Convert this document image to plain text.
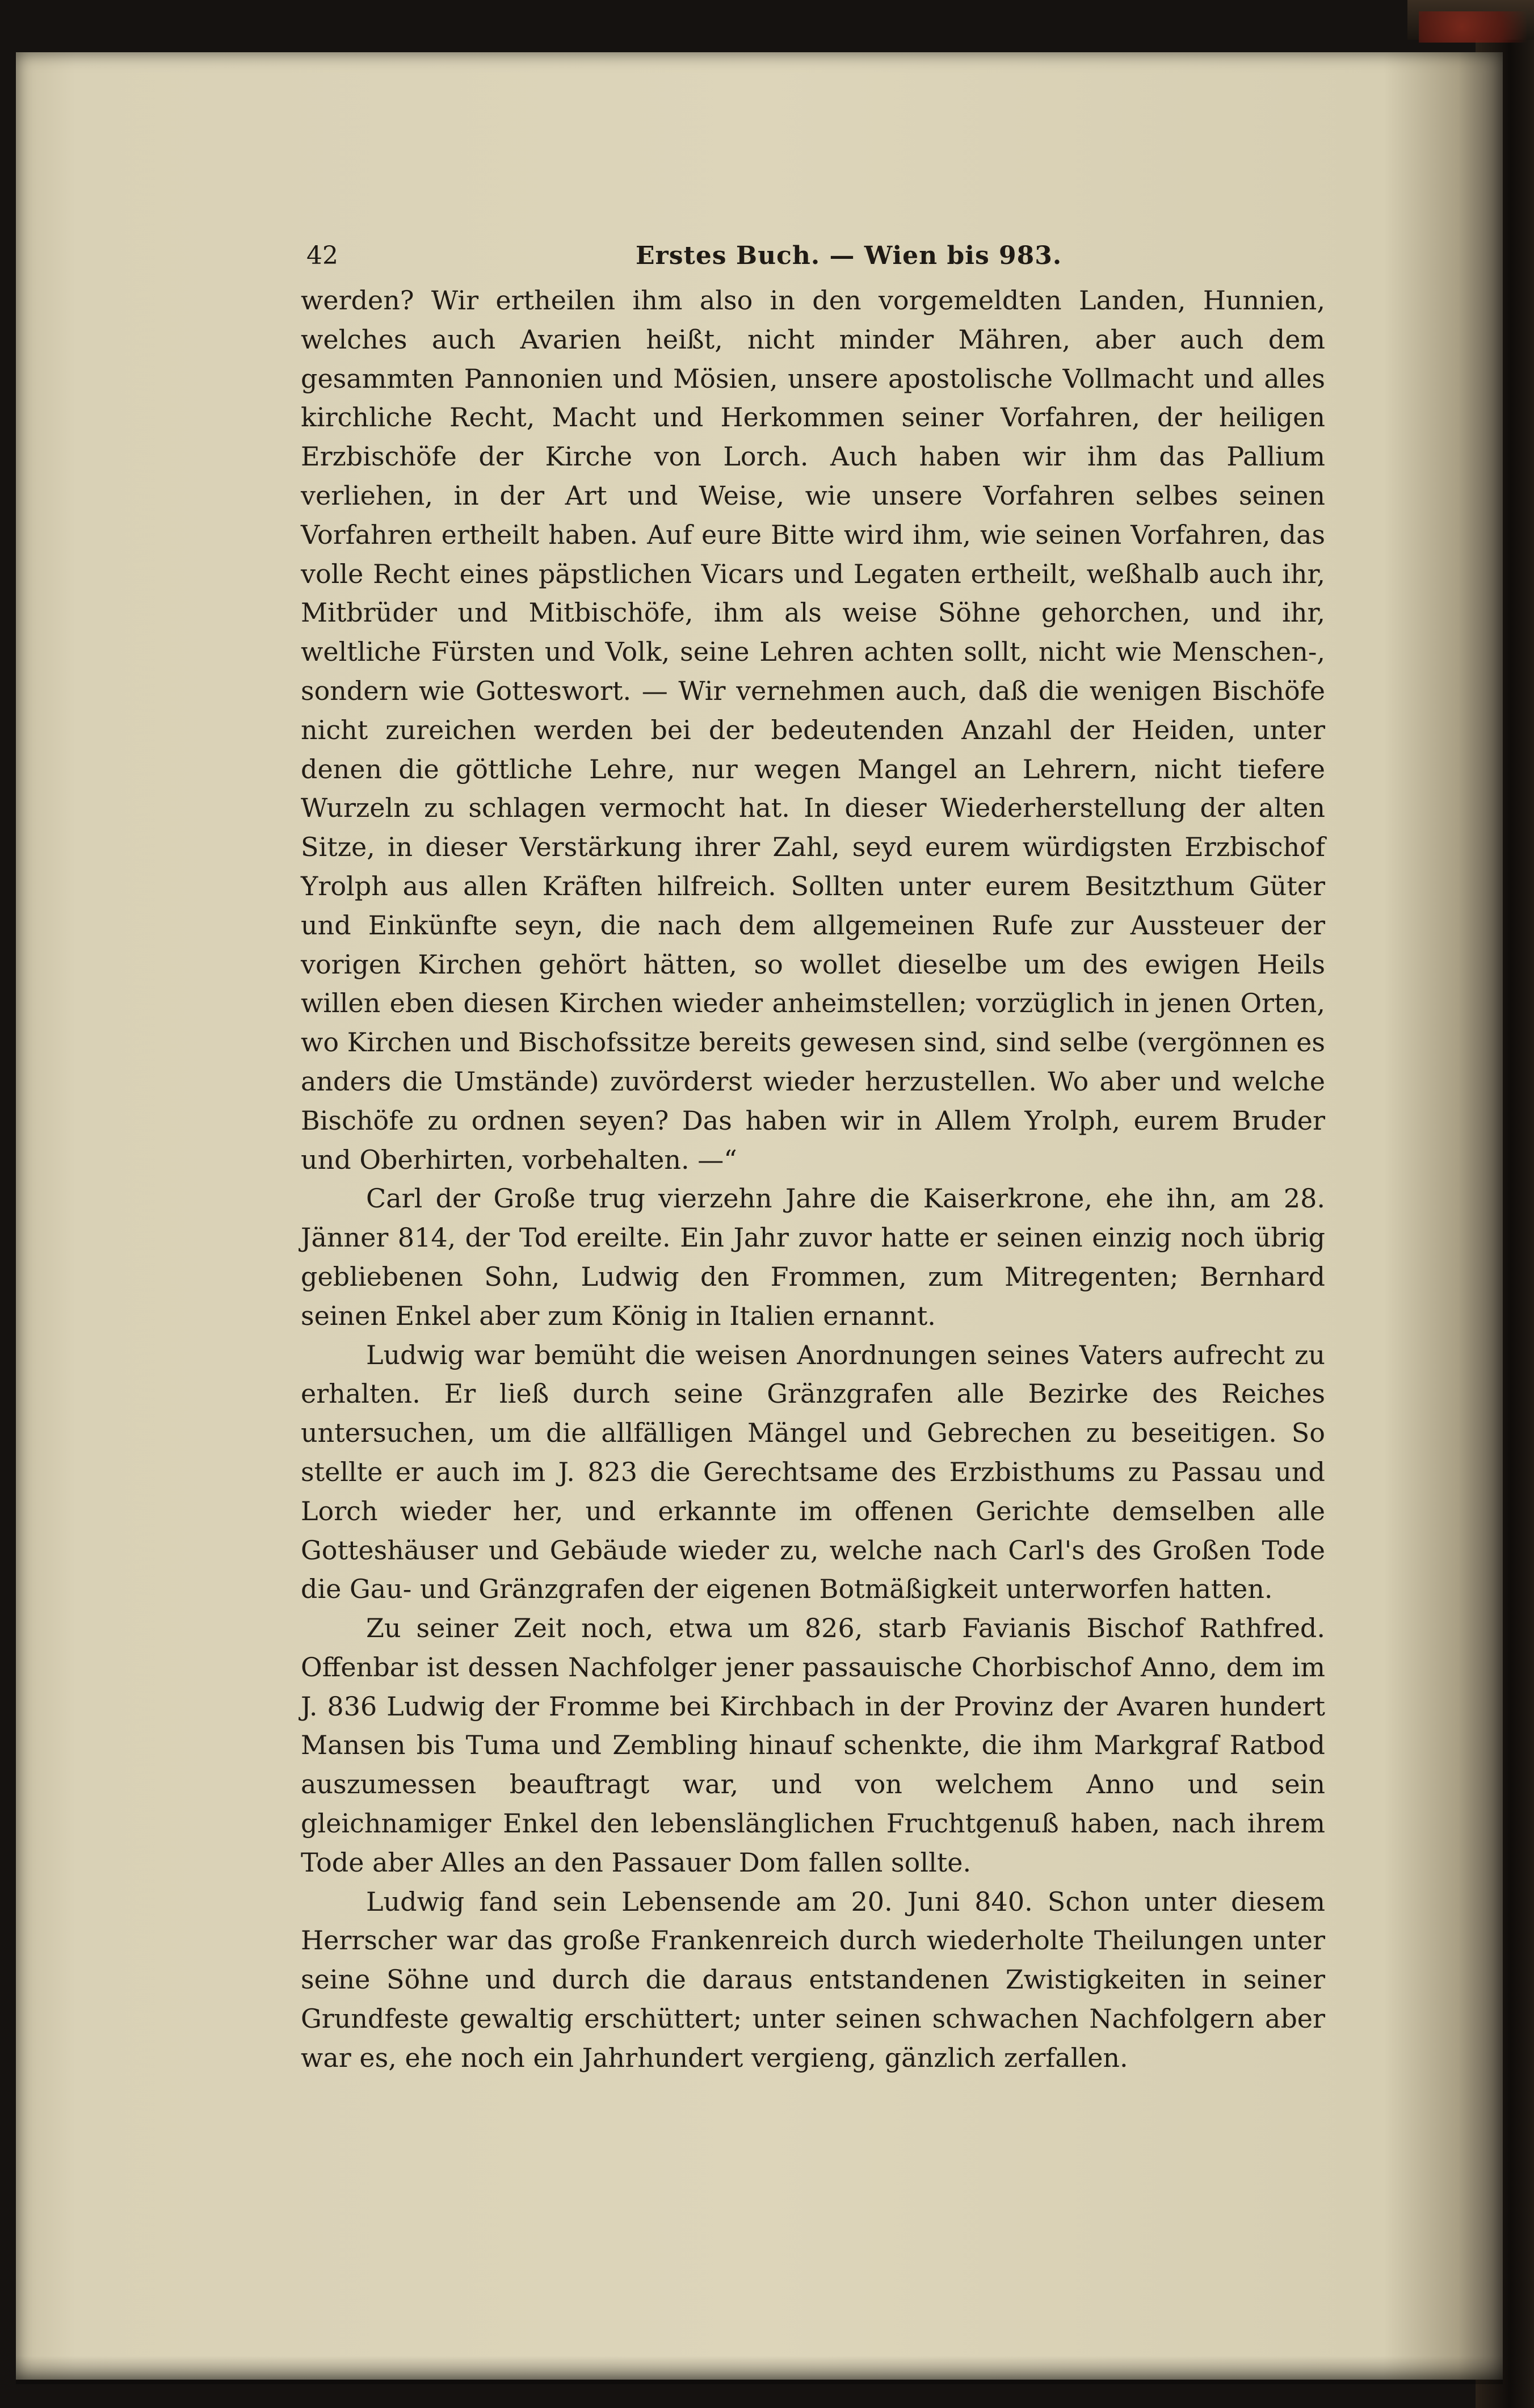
42	Erstes Buch. — Wien bis 983.

werden? Wir ertheilen ihm also in den vorgemeldten Landen, Hunnien, welches auch Avarien heißt, nicht minder Mähren, aber auch dem gesammten Pannonien und Mösien, unsere apostolische Vollmacht und alles kirchliche Recht, Macht und Herkommen seiner Vorfahren, der heiligen Erzbischöfe der Kirche von Lorch. Auch haben wir ihm das Pallium verliehen, in der Art und Weise, wie unsere Vorfahren selbes seinen Vorfahren ertheilt haben. Auf eure Bitte wird ihm, wie seinen Vorfahren, das volle Recht eines päpstlichen Vicars und Legaten ertheilt, weßhalb auch ihr, Mitbrüder und Mitbischöfe, ihm als weise Söhne gehorchen, und ihr, weltliche Fürsten und Volk, seine Lehren achten sollt, nicht wie Menschen-, sondern wie Gotteswort. — Wir vernehmen auch, daß die wenigen Bischöfe nicht zureichen werden bei der bedeutenden Anzahl der Heiden, unter denen die göttliche Lehre, nur wegen Mangel an Lehrern, nicht tiefere Wurzeln zu schlagen vermocht hat. In dieser Wiederherstellung der alten Sitze, in dieser Verstärkung ihrer Zahl, seyd eurem würdigsten Erzbischof Yrolph aus allen Kräften hilfreich. Sollten unter eurem Besitzthum Güter und Einkünfte seyn, die nach dem allgemeinen Rufe zur Aussteuer der vorigen Kirchen gehört hätten, so wollet dieselbe um des ewigen Heils willen eben diesen Kirchen wieder anheimstellen; vorzüglich in jenen Orten, wo Kirchen und Bischofssitze bereits gewesen sind, sind selbe (vergönnen es anders die Umstände) zuvörderst wieder herzustellen. Wo aber und welche Bischöfe zu ordnen seyen? Das haben wir in Allem Yrolph, eurem Bruder und Oberhirten, vorbehalten. —“

Carl der Große trug vierzehn Jahre die Kaiserkrone, ehe ihn, am 28. Jänner 814, der Tod ereilte. Ein Jahr zuvor hatte er seinen einzig noch übrig gebliebenen Sohn, Ludwig den Frommen, zum Mitregenten; Bernhard seinen Enkel aber zum König in Italien ernannt.

Ludwig war bemüht die weisen Anordnungen seines Vaters aufrecht zu erhalten. Er ließ durch seine Gränzgrafen alle Bezirke des Reiches untersuchen, um die allfälligen Mängel und Gebrechen zu beseitigen. So stellte er auch im J. 823 die Gerechtsame des Erzbisthums zu Passau und Lorch wieder her, und erkannte im offenen Gerichte demselben alle Gotteshäuser und Gebäude wieder zu, welche nach Carl's des Großen Tode die Gau- und Gränzgrafen der eigenen Botmäßigkeit unterworfen hatten.

Zu seiner Zeit noch, etwa um 826, starb Favianis Bischof Rathfred. Offenbar ist dessen Nachfolger jener passauische Chorbischof Anno, dem im J. 836 Ludwig der Fromme bei Kirchbach in der Provinz der Avaren hundert Mansen bis Tuma und Zembling hinauf schenkte, die ihm Markgraf Ratbod auszumessen beauftragt war, und von welchem Anno und sein gleichnamiger Enkel den lebenslänglichen Fruchtgenuß haben, nach ihrem Tode aber Alles an den Passauer Dom fallen sollte.

Ludwig fand sein Lebensende am 20. Juni 840. Schon unter diesem Herrscher war das große Frankenreich durch wiederholte Theilungen unter seine Söhne und durch die daraus entstandenen Zwistigkeiten in seiner Grundfeste gewaltig erschüttert; unter seinen schwachen Nachfolgern aber war es, ehe noch ein Jahrhundert vergieng, gänzlich zerfallen.
